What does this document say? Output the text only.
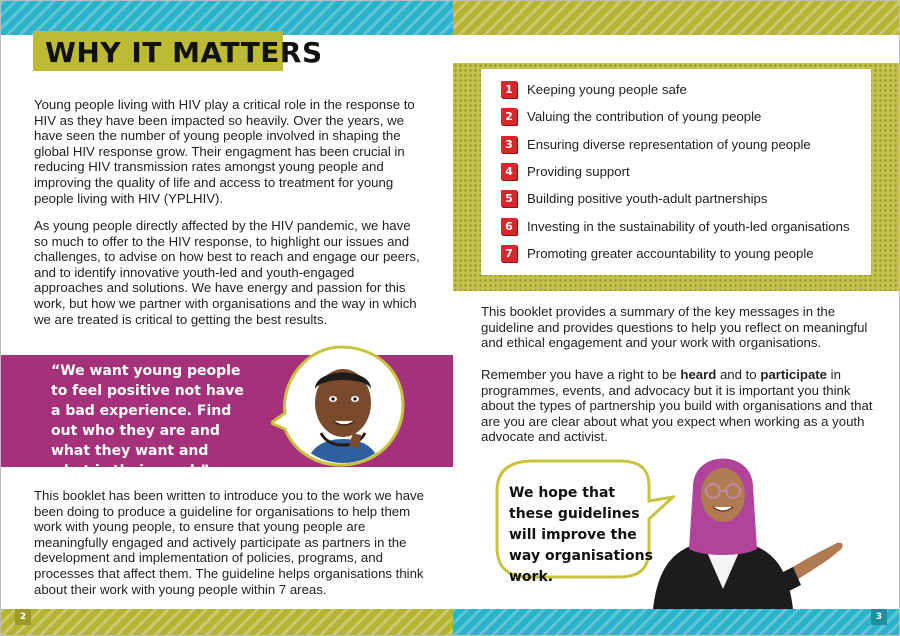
WHY IT MATTERS
Young people living with HIV play a critical role in the response to HIV as they have been impacted so heavily. Over the years, we have seen the number of young people involved in shaping the global HIV response grow. Their engagment has been crucial in reducing HIV transmission rates amongst young people and improving the quality of life and access to treatment for young people living with HIV (YPLHIV).
As young people directly affected by the HIV pandemic, we have so much to offer to the HIV response, to highlight our issues and challenges, to advise on how best to reach and engage our peers, and to identify innovative youth-led and youth-engaged approaches and solutions. We have energy and passion for this work, but how we partner with organisations and the way in which we are treated is critical to getting the best results.
“We want young people to feel positive not have a bad experience. Find out who they are and what they want and what is their need.”
This booklet has been written to introduce you to the work we have been doing to produce a guideline for organisations to help them work with young people, to ensure that young people are meaningfully engaged and actively participate as partners in the development and implementation of policies, programs, and processes that affect them. The guideline helps organisations think about their work with young people within 7 areas.
1	Keeping young people safe
2	Valuing the contribution of young people
3	Ensuring diverse representation of young people
4	Providing support
5	Building positive youth-adult partnerships
6	Investing in the sustainability of youth-led organisations
7	Promoting greater accountability to young people
This booklet provides a summary of the key messages in the guideline and provides questions to help you reflect on meaningful and ethical engagement and your work with organisations.
Remember you have a right to be heard and to participate in programmes, events, and advocacy but it is important you think about the types of partnership you build with organisations and that are you are clear about what you expect when working as a youth advocate and activist.
We hope that these guidelines will improve the way organisations work.
2	3
